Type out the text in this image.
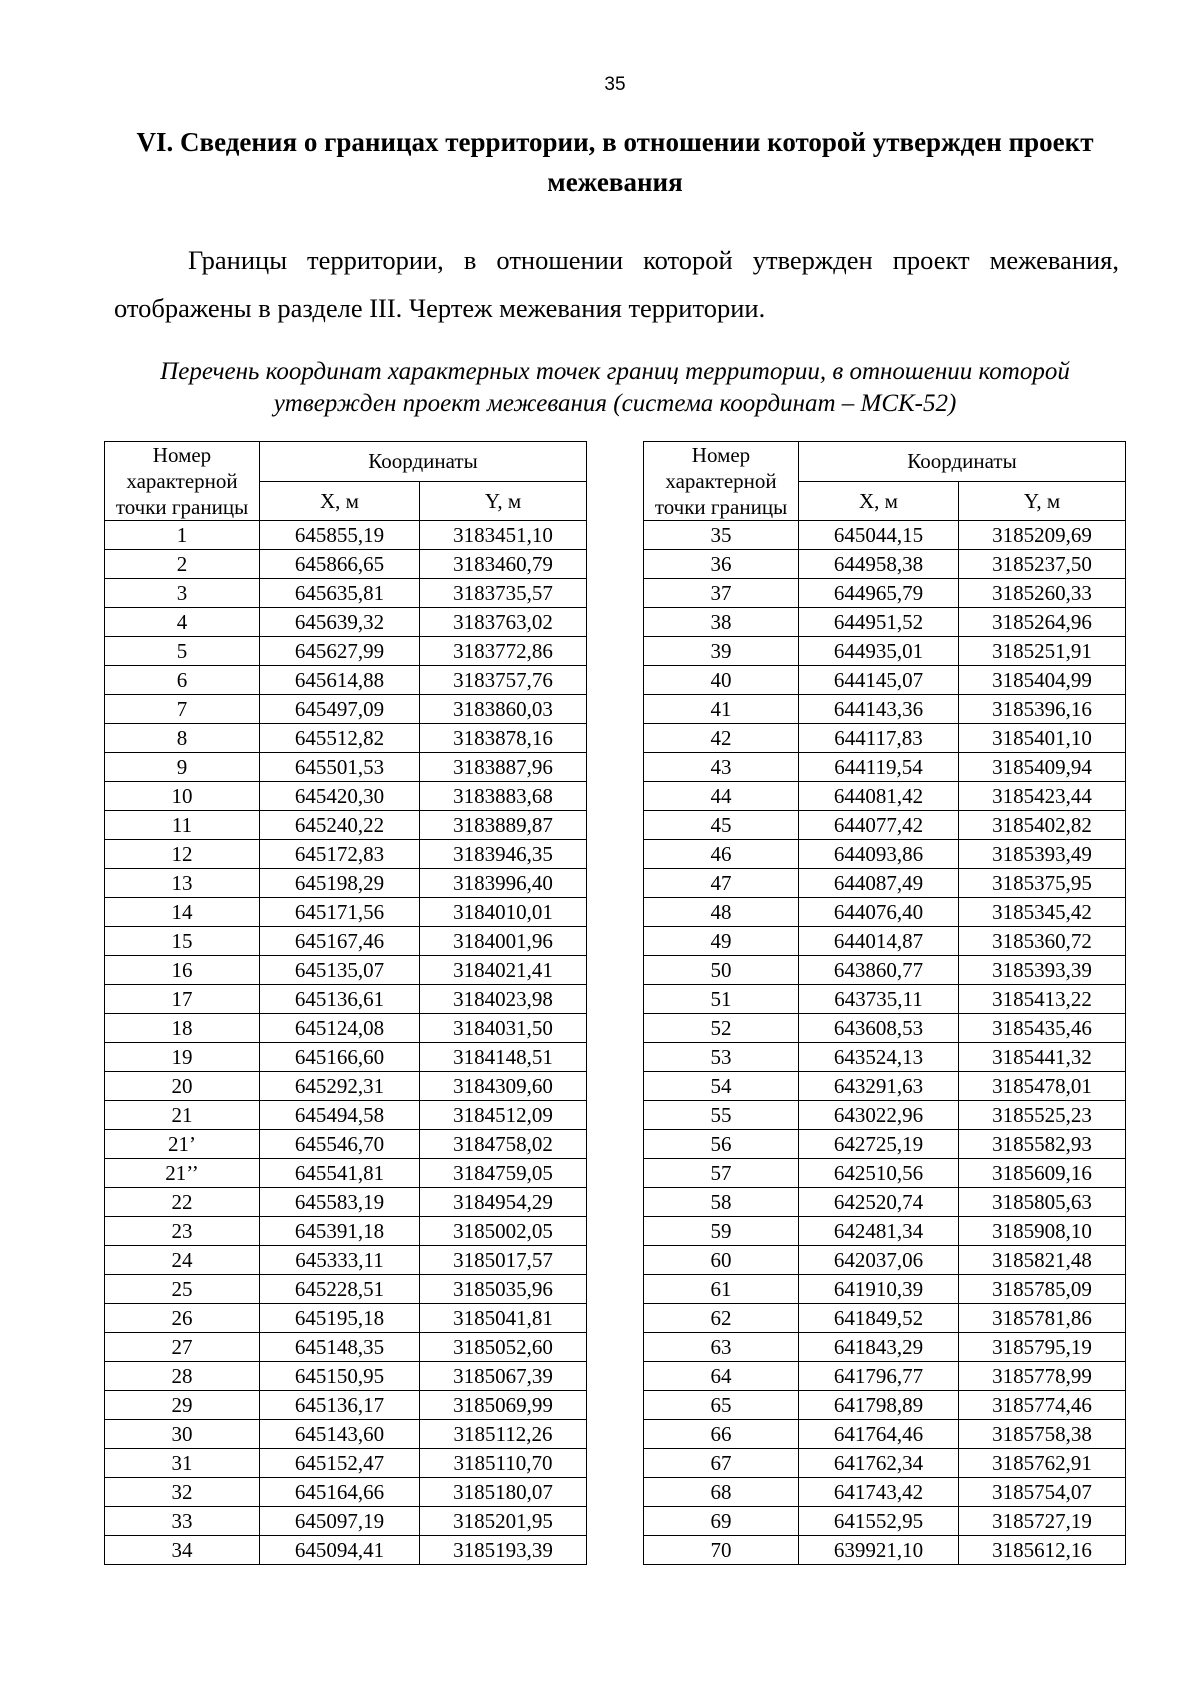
35
VI. Сведения о границах территории, в отношении которой утвержден проект межевания
Границы территории, в отношении которой утвержден проект межевания, отображены в разделе III. Чертеж межевания территории.
Перечень координат характерных точек границ территории, в отношении которой утвержден проект межевания (система координат – МСК-52)
Номер характерной точки границы	Координаты	
	X, м	Y, м
1	645855,19	3183451,10
2	645866,65	3183460,79
3	645635,81	3183735,57
4	645639,32	3183763,02
5	645627,99	3183772,86
6	645614,88	3183757,76
7	645497,09	3183860,03
8	645512,82	3183878,16
9	645501,53	3183887,96
10	645420,30	3183883,68
11	645240,22	3183889,87
12	645172,83	3183946,35
13	645198,29	3183996,40
14	645171,56	3184010,01
15	645167,46	3184001,96
16	645135,07	3184021,41
17	645136,61	3184023,98
18	645124,08	3184031,50
19	645166,60	3184148,51
20	645292,31	3184309,60
21	645494,58	3184512,09
21’	645546,70	3184758,02
21’’	645541,81	3184759,05
22	645583,19	3184954,29
23	645391,18	3185002,05
24	645333,11	3185017,57
25	645228,51	3185035,96
26	645195,18	3185041,81
27	645148,35	3185052,60
28	645150,95	3185067,39
29	645136,17	3185069,99
30	645143,60	3185112,26
31	645152,47	3185110,70
32	645164,66	3185180,07
33	645097,19	3185201,95
34	645094,41	3185193,39
Номер характерной точки границы	Координаты	
	X, м	Y, м
35	645044,15	3185209,69
36	644958,38	3185237,50
37	644965,79	3185260,33
38	644951,52	3185264,96
39	644935,01	3185251,91
40	644145,07	3185404,99
41	644143,36	3185396,16
42	644117,83	3185401,10
43	644119,54	3185409,94
44	644081,42	3185423,44
45	644077,42	3185402,82
46	644093,86	3185393,49
47	644087,49	3185375,95
48	644076,40	3185345,42
49	644014,87	3185360,72
50	643860,77	3185393,39
51	643735,11	3185413,22
52	643608,53	3185435,46
53	643524,13	3185441,32
54	643291,63	3185478,01
55	643022,96	3185525,23
56	642725,19	3185582,93
57	642510,56	3185609,16
58	642520,74	3185805,63
59	642481,34	3185908,10
60	642037,06	3185821,48
61	641910,39	3185785,09
62	641849,52	3185781,86
63	641843,29	3185795,19
64	641796,77	3185778,99
65	641798,89	3185774,46
66	641764,46	3185758,38
67	641762,34	3185762,91
68	641743,42	3185754,07
69	641552,95	3185727,19
70	639921,10	3185612,16
